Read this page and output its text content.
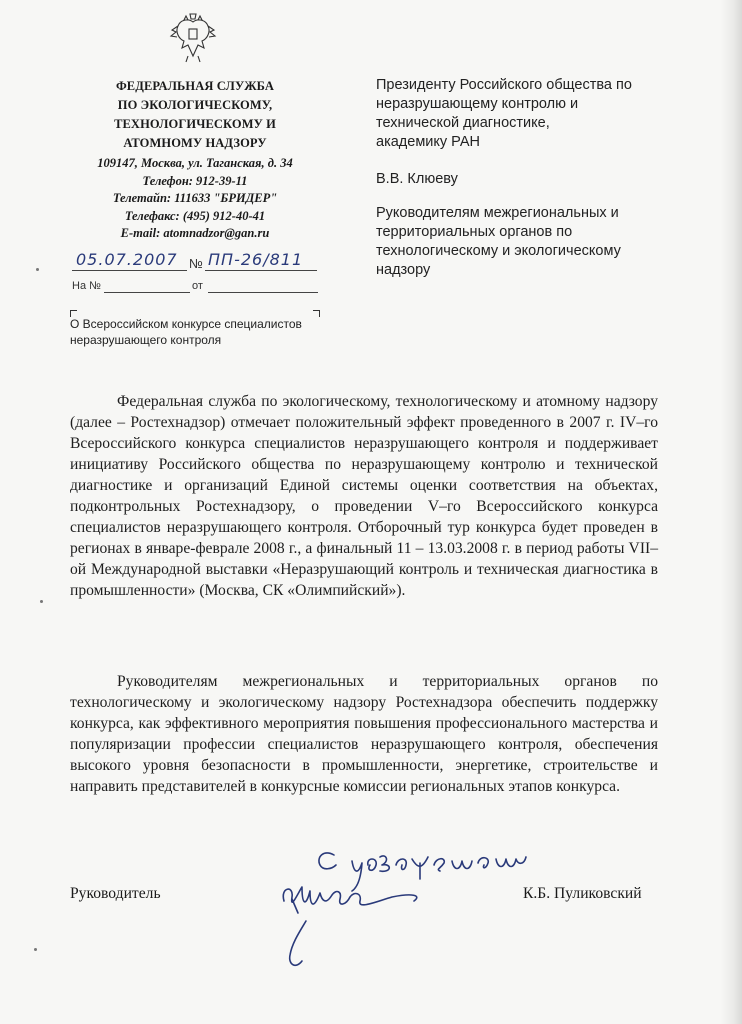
ФЕДЕРАЛЬНАЯ СЛУЖБА
ПО ЭКОЛОГИЧЕСКОМУ,
ТЕХНОЛОГИЧЕСКОМУ И
АТОМНОМУ НАДЗОРУ
109147, Москва, ул. Таганская, д. 34
Телефон: 912-39-11
Телетайп: 111633 "БРИДЕР"
Телефакс: (495) 912-40-41
E-mail: atomnadzor@gan.ru
05.07.2007 № ПП-26/811
На №	от
О Всероссийском конкурсе специалистов
неразрушающего контроля
Президенту Российского общества по
неразрушающему контролю и
технической диагностике,
академику РАН
В.В. Клюеву
Руководителям межрегиональных и
территориальных органов по
технологическому и экологическому
надзору
Федеральная служба по экологическому, технологическому и атомному надзору (далее – Ростехнадзор) отмечает положительный эффект проведенного в 2007 г. IV–го Всероссийского конкурса специалистов неразрушающего контроля и поддерживает инициативу Российского общества по неразрушающему контролю и технической диагностике и организаций Единой системы оценки соответствия на объектах, подконтрольных Ростехнадзору, о проведении V–го Всероссийского конкурса специалистов неразрушающего контроля. Отборочный тур конкурса будет проведен в регионах в январе-феврале 2008 г., а финальный 11 – 13.03.2008 г. в период работы VII–ой Международной выставки «Неразрушающий контроль и техническая диагностика в промышленности» (Москва, СК «Олимпийский»).
Руководителям межрегиональных и территориальных органов по технологическому и экологическому надзору Ростехнадзора обеспечить поддержку конкурса, как эффективного мероприятия повышения профессионального мастерства и популяризации профессии специалистов неразрушающего контроля, обеспечения высокого уровня безопасности в промышленности, энергетике, строительстве и направить представителей в конкурсные комиссии региональных этапов конкурса.
Руководитель	К.Б. Пуликовский
